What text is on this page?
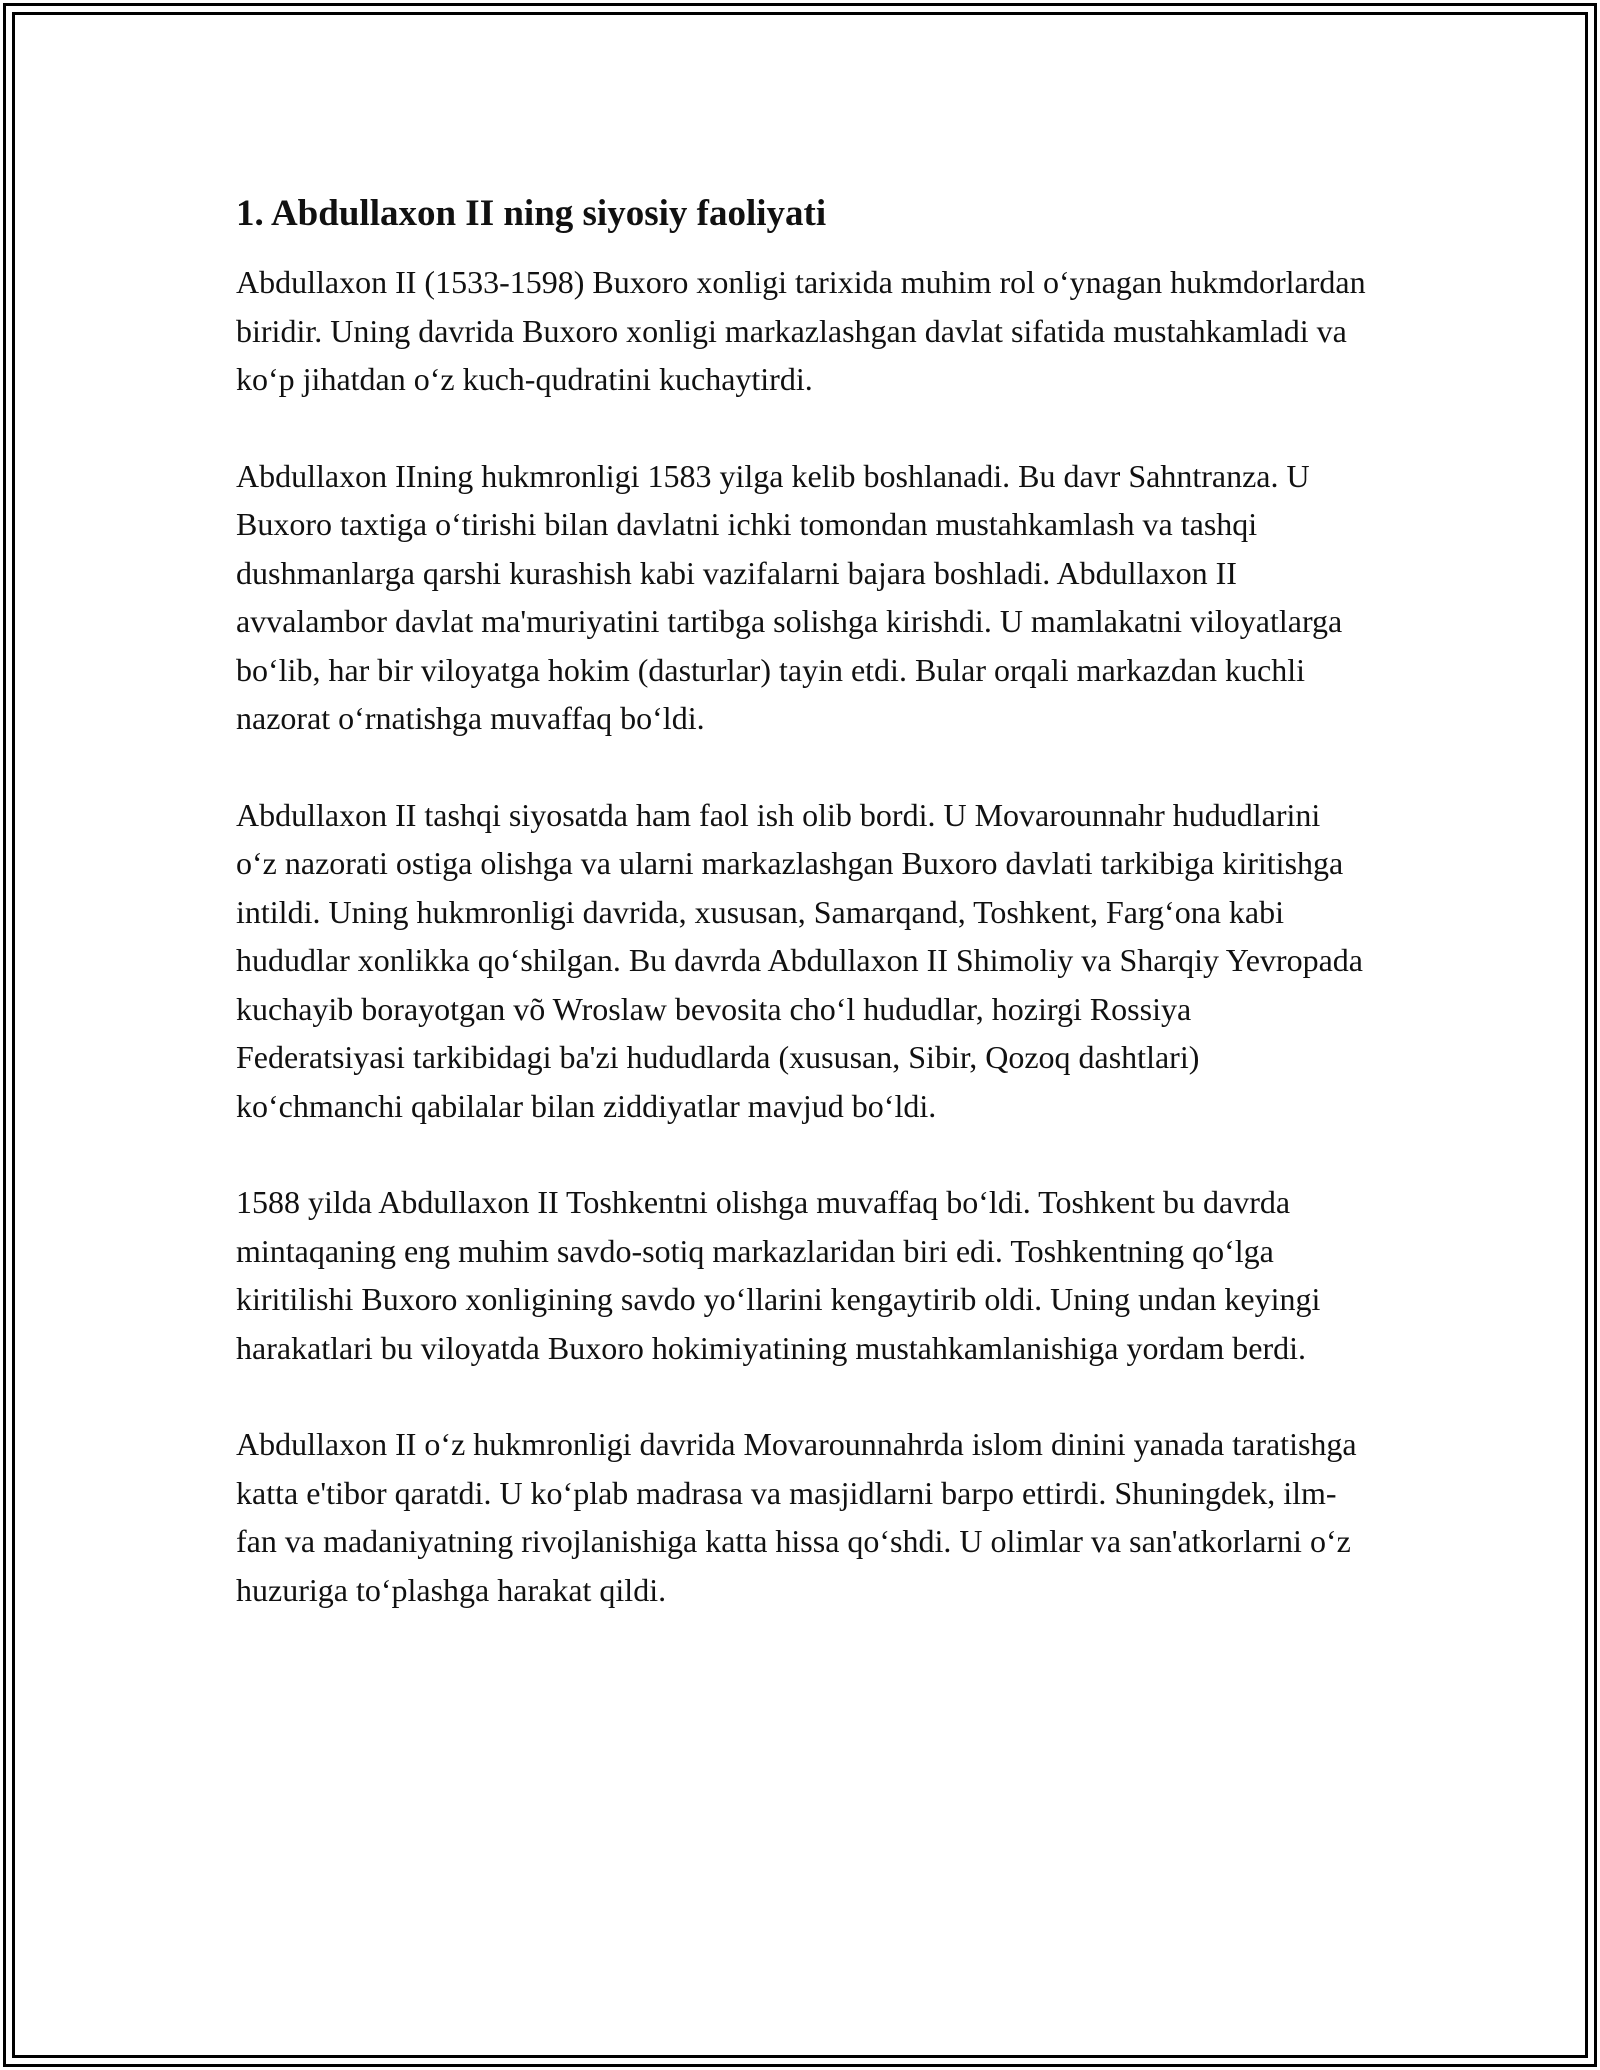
1. Abdullaxon II ning siyosiy faoliyati

Abdullaxon II (1533-1598) Buxoro xonligi tarixida muhim rol o‘ynagan hukmdorlardan biridir. Uning davrida Buxoro xonligi markazlashgan davlat sifatida mustahkamladi va ko‘p jihatdan o‘z kuch-qudratini kuchaytirdi.

Abdullaxon IIning hukmronligi 1583 yilga kelib boshlanadi. Bu davr Sahntranza. U Buxoro taxtiga o‘tirishi bilan davlatni ichki tomondan mustahkamlash va tashqi dushmanlarga qarshi kurashish kabi vazifalarni bajara boshladi. Abdullaxon II avvalambor davlat ma'muriyatini tartibga solishga kirishdi. U mamlakatni viloyatlarga bo‘lib, har bir viloyatga hokim (dasturlar) tayin etdi. Bular orqali markazdan kuchli nazorat o‘rnatishga muvaffaq bo‘ldi.

Abdullaxon II tashqi siyosatda ham faol ish olib bordi. U Movarounnahr hududlarini o‘z nazorati ostiga olishga va ularni markazlashgan Buxoro davlati tarkibiga kiritishga intildi. Uning hukmronligi davrida, xususan, Samarqand, Toshkent, Farg‘ona kabi hududlar xonlikka qo‘shilgan. Bu davrda Abdullaxon II Shimoliy va Sharqiy Yevropada kuchayib borayotgan võ Wroslaw bevosita cho‘l hududlar, hozirgi Rossiya Federatsiyasi tarkibidagi ba'zi hududlarda (xususan, Sibir, Qozoq dashtlari) ko‘chmanchi qabilalar bilan ziddiyatlar mavjud bo‘ldi.

1588 yilda Abdullaxon II Toshkentni olishga muvaffaq bo‘ldi. Toshkent bu davrda mintaqaning eng muhim savdo-sotiq markazlaridan biri edi. Toshkentning qo‘lga kiritilishi Buxoro xonligining savdo yo‘llarini kengaytirib oldi. Uning undan keyingi harakatlari bu viloyatda Buxoro hokimiyatining mustahkamlanishiga yordam berdi.

Abdullaxon II o‘z hukmronligi davrida Movarounnahrda islom dinini yanada taratishga katta e'tibor qaratdi. U ko‘plab madrasa va masjidlarni barpo ettirdi. Shuningdek, ilm-fan va madaniyatning rivojlanishiga katta hissa qo‘shdi. U olimlar va san'atkorlarni o‘z huzuriga to‘plashga harakat qildi.
